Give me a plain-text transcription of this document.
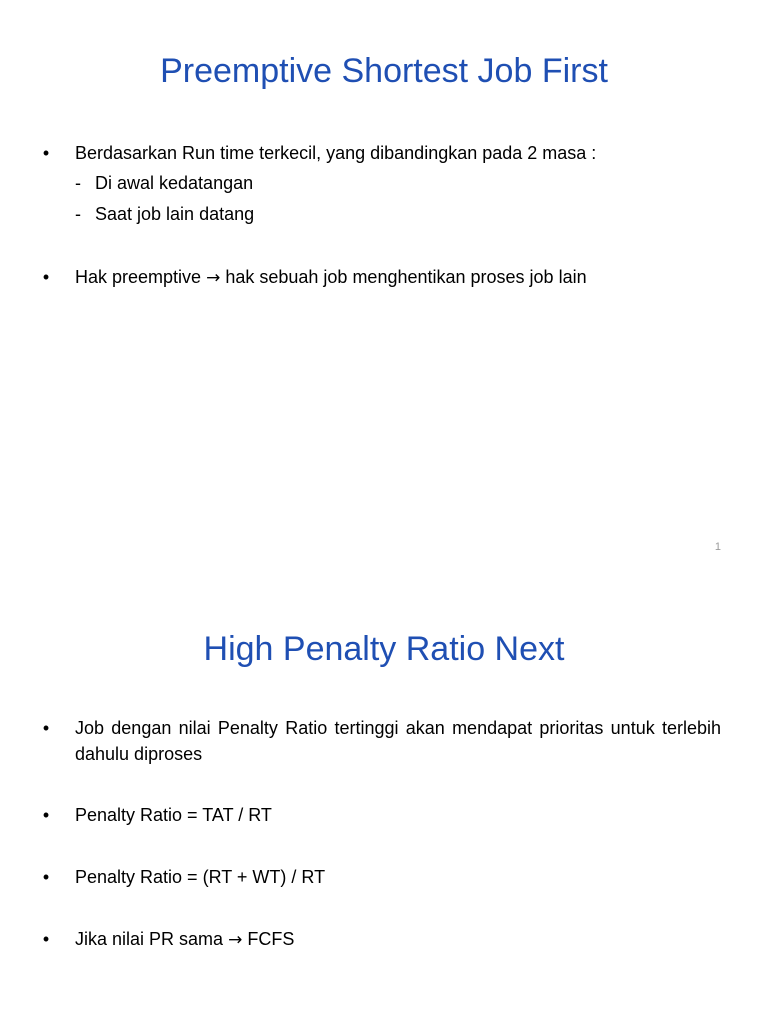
Preemptive Shortest Job First
• Berdasarkan Run time terkecil, yang dibandingkan pada 2 masa :
- Di awal kedatangan
- Saat job lain datang
• Hak preemptive → hak sebuah job menghentikan proses job lain
1
High Penalty Ratio Next
• Job dengan nilai Penalty Ratio tertinggi akan mendapat prioritas untuk terlebih dahulu diproses
• Penalty Ratio = TAT / RT
• Penalty Ratio = (RT + WT) / RT
• Jika nilai PR sama → FCFS
